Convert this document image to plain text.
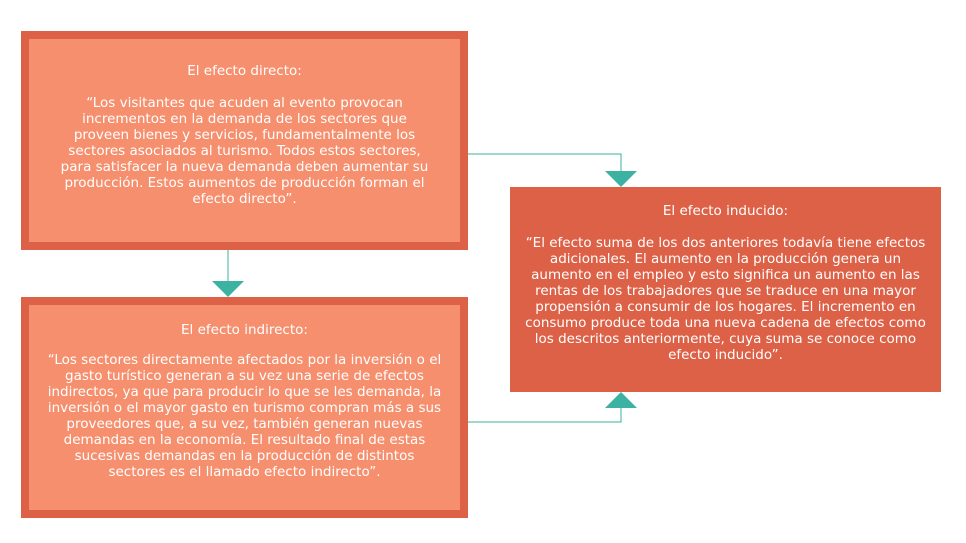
El efecto directo:
“Los visitantes que acuden al evento provocan
incrementos en la demanda de los sectores que
proveen bienes y servicios, fundamentalmente los
sectores asociados al turismo. Todos estos sectores,
para satisfacer la nueva demanda deben aumentar su
producción. Estos aumentos de producción forman el
efecto directo”.
El efecto indirecto:
“Los sectores directamente afectados por la inversión o el
gasto turístico generan a su vez una serie de efectos
indirectos, ya que para producir lo que se les demanda, la
inversión o el mayor gasto en turismo compran más a sus
proveedores que, a su vez, también generan nuevas
demandas en la economía. El resultado final de estas
sucesivas demandas en la producción de distintos
sectores es el llamado efecto indirecto”.
El efecto inducido:
“El efecto suma de los dos anteriores todavía tiene efectos
adicionales. El aumento en la producción genera un
aumento en el empleo y esto significa un aumento en las
rentas de los trabajadores que se traduce en una mayor
propensión a consumir de los hogares. El incremento en
consumo produce toda una nueva cadena de efectos como
los descritos anteriormente, cuya suma se conoce como
efecto inducido”.
